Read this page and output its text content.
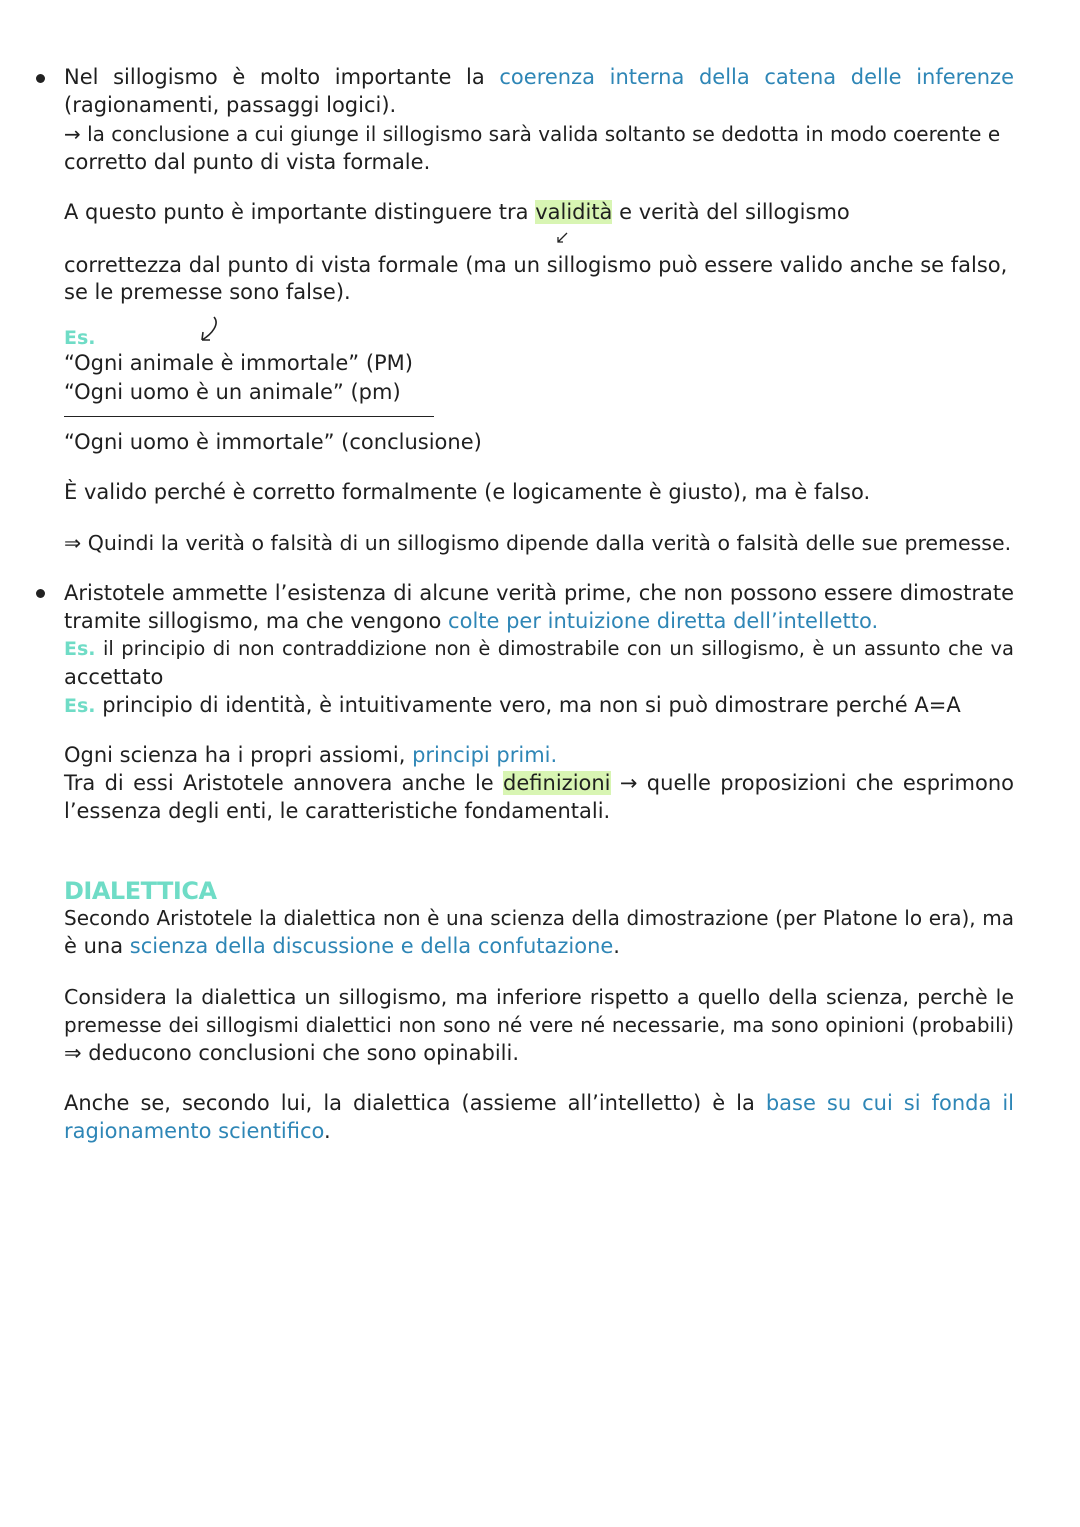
Nel sillogismo è molto importante la coerenza interna della catena delle inferenze

(ragionamenti, passaggi logici).

→ la conclusione a cui giunge il sillogismo sarà valida soltanto se dedotta in modo coerente e

corretto dal punto di vista formale.

A questo punto è importante distinguere tra validità e verità del sillogismo

correttezza dal punto di vista formale (ma un sillogismo può essere valido anche se falso,

se le premesse sono false).

Es.

“Ogni animale è immortale” (PM)

“Ogni uomo è un animale” (pm)

“Ogni uomo è immortale” (conclusione)

È valido perché è corretto formalmente (e logicamente è giusto), ma è falso.

⇒ Quindi la verità o falsità di un sillogismo dipende dalla verità o falsità delle sue premesse.

Aristotele ammette l’esistenza di alcune verità prime, che non possono essere dimostrate

tramite sillogismo, ma che vengono colte per intuizione diretta dell’intelletto.

Es. il principio di non contraddizione non è dimostrabile con un sillogismo, è un assunto che va

accettato

Es. principio di identità, è intuitivamente vero, ma non si può dimostrare perché A=A

Ogni scienza ha i propri assiomi, principi primi.

Tra di essi Aristotele annovera anche le definizioni → quelle proposizioni che esprimono

l’essenza degli enti, le caratteristiche fondamentali.

DIALETTICA

Secondo Aristotele la dialettica non è una scienza della dimostrazione (per Platone lo era), ma

è una scienza della discussione e della confutazione.

Considera la dialettica un sillogismo, ma inferiore rispetto a quello della scienza, perchè le

premesse dei sillogismi dialettici non sono né vere né necessarie, ma sono opinioni (probabili)

⇒ deducono conclusioni che sono opinabili.

Anche se, secondo lui, la dialettica (assieme all’intelletto) è la base su cui si fonda il

ragionamento scientifico.
